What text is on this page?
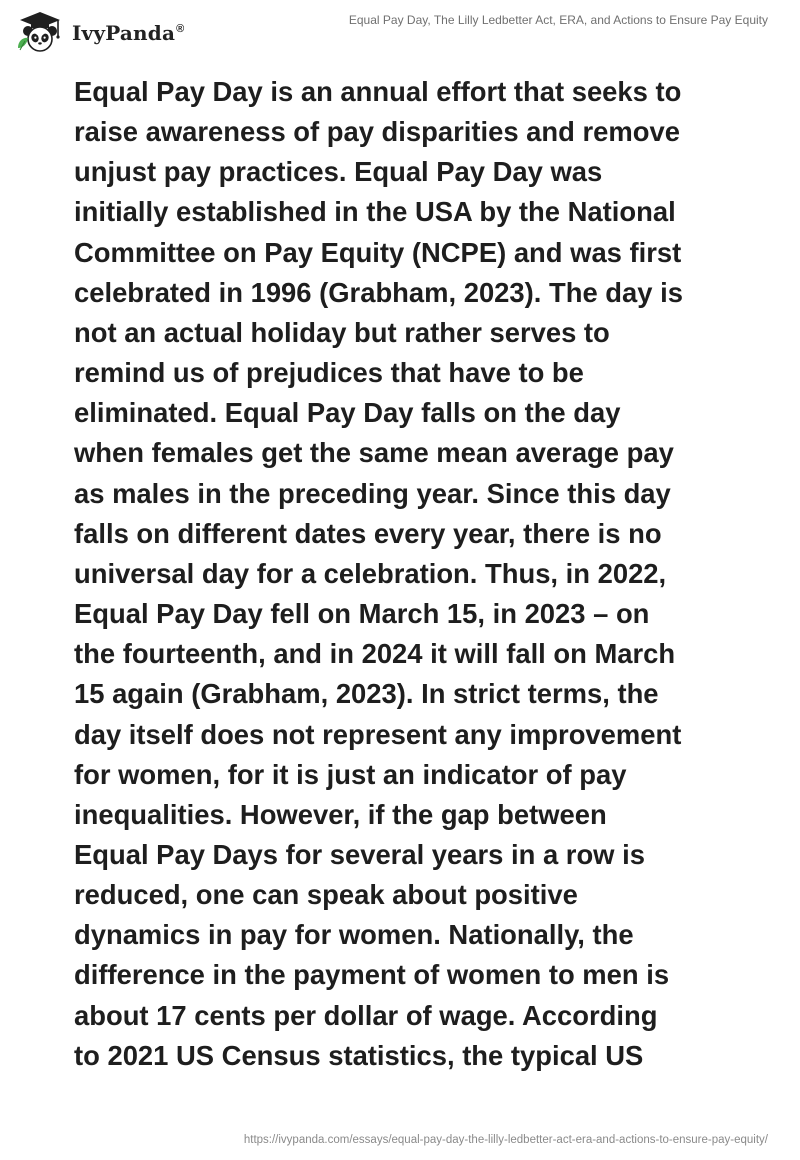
IvyPanda®
Equal Pay Day, The Lilly Ledbetter Act, ERA, and Actions to Ensure Pay Equity

Equal Pay Day is an annual effort that seeks to
raise awareness of pay disparities and remove
unjust pay practices. Equal Pay Day was
initially established in the USA by the National
Committee on Pay Equity (NCPE) and was first
celebrated in 1996 (Grabham, 2023). The day is
not an actual holiday but rather serves to
remind us of prejudices that have to be
eliminated. Equal Pay Day falls on the day
when females get the same mean average pay
as males in the preceding year. Since this day
falls on different dates every year, there is no
universal day for a celebration. Thus, in 2022,
Equal Pay Day fell on March 15, in 2023 – on
the fourteenth, and in 2024 it will fall on March
15 again (Grabham, 2023). In strict terms, the
day itself does not represent any improvement
for women, for it is just an indicator of pay
inequalities. However, if the gap between
Equal Pay Days for several years in a row is
reduced, one can speak about positive
dynamics in pay for women. Nationally, the
difference in the payment of women to men is
about 17 cents per dollar of wage. According
to 2021 US Census statistics, the typical US

https://ivypanda.com/essays/equal-pay-day-the-lilly-ledbetter-act-era-and-actions-to-ensure-pay-equity/
